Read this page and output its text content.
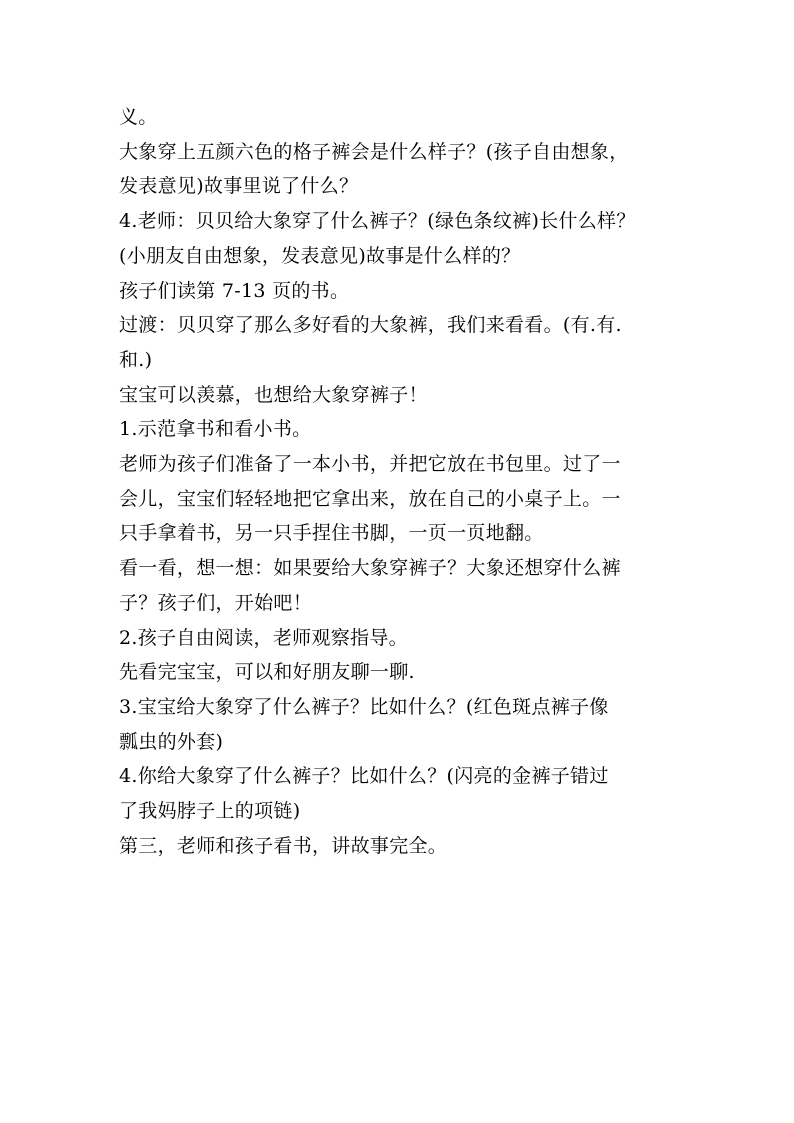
义。

大象穿上五颜六色的格子裤会是什么样子？(孩子自由想象，

发表意见)故事里说了什么？

4.老师：贝贝给大象穿了什么裤子？(绿色条纹裤)长什么样？

(小朋友自由想象，发表意见)故事是什么样的？

孩子们读第 7-13 页的书。

过渡：贝贝穿了那么多好看的大象裤，我们来看看。(有.有.

和.)

宝宝可以羡慕，也想给大象穿裤子！

1.示范拿书和看小书。

老师为孩子们准备了一本小书，并把它放在书包里。过了一

会儿，宝宝们轻轻地把它拿出来，放在自己的小桌子上。一

只手拿着书，另一只手捏住书脚，一页一页地翻。

看一看，想一想：如果要给大象穿裤子？大象还想穿什么裤

子？孩子们，开始吧！

2.孩子自由阅读，老师观察指导。

先看完宝宝，可以和好朋友聊一聊.

3.宝宝给大象穿了什么裤子？比如什么？(红色斑点裤子像

瓢虫的外套)

4.你给大象穿了什么裤子？比如什么？(闪亮的金裤子错过

了我妈脖子上的项链)

第三，老师和孩子看书，讲故事完全。
